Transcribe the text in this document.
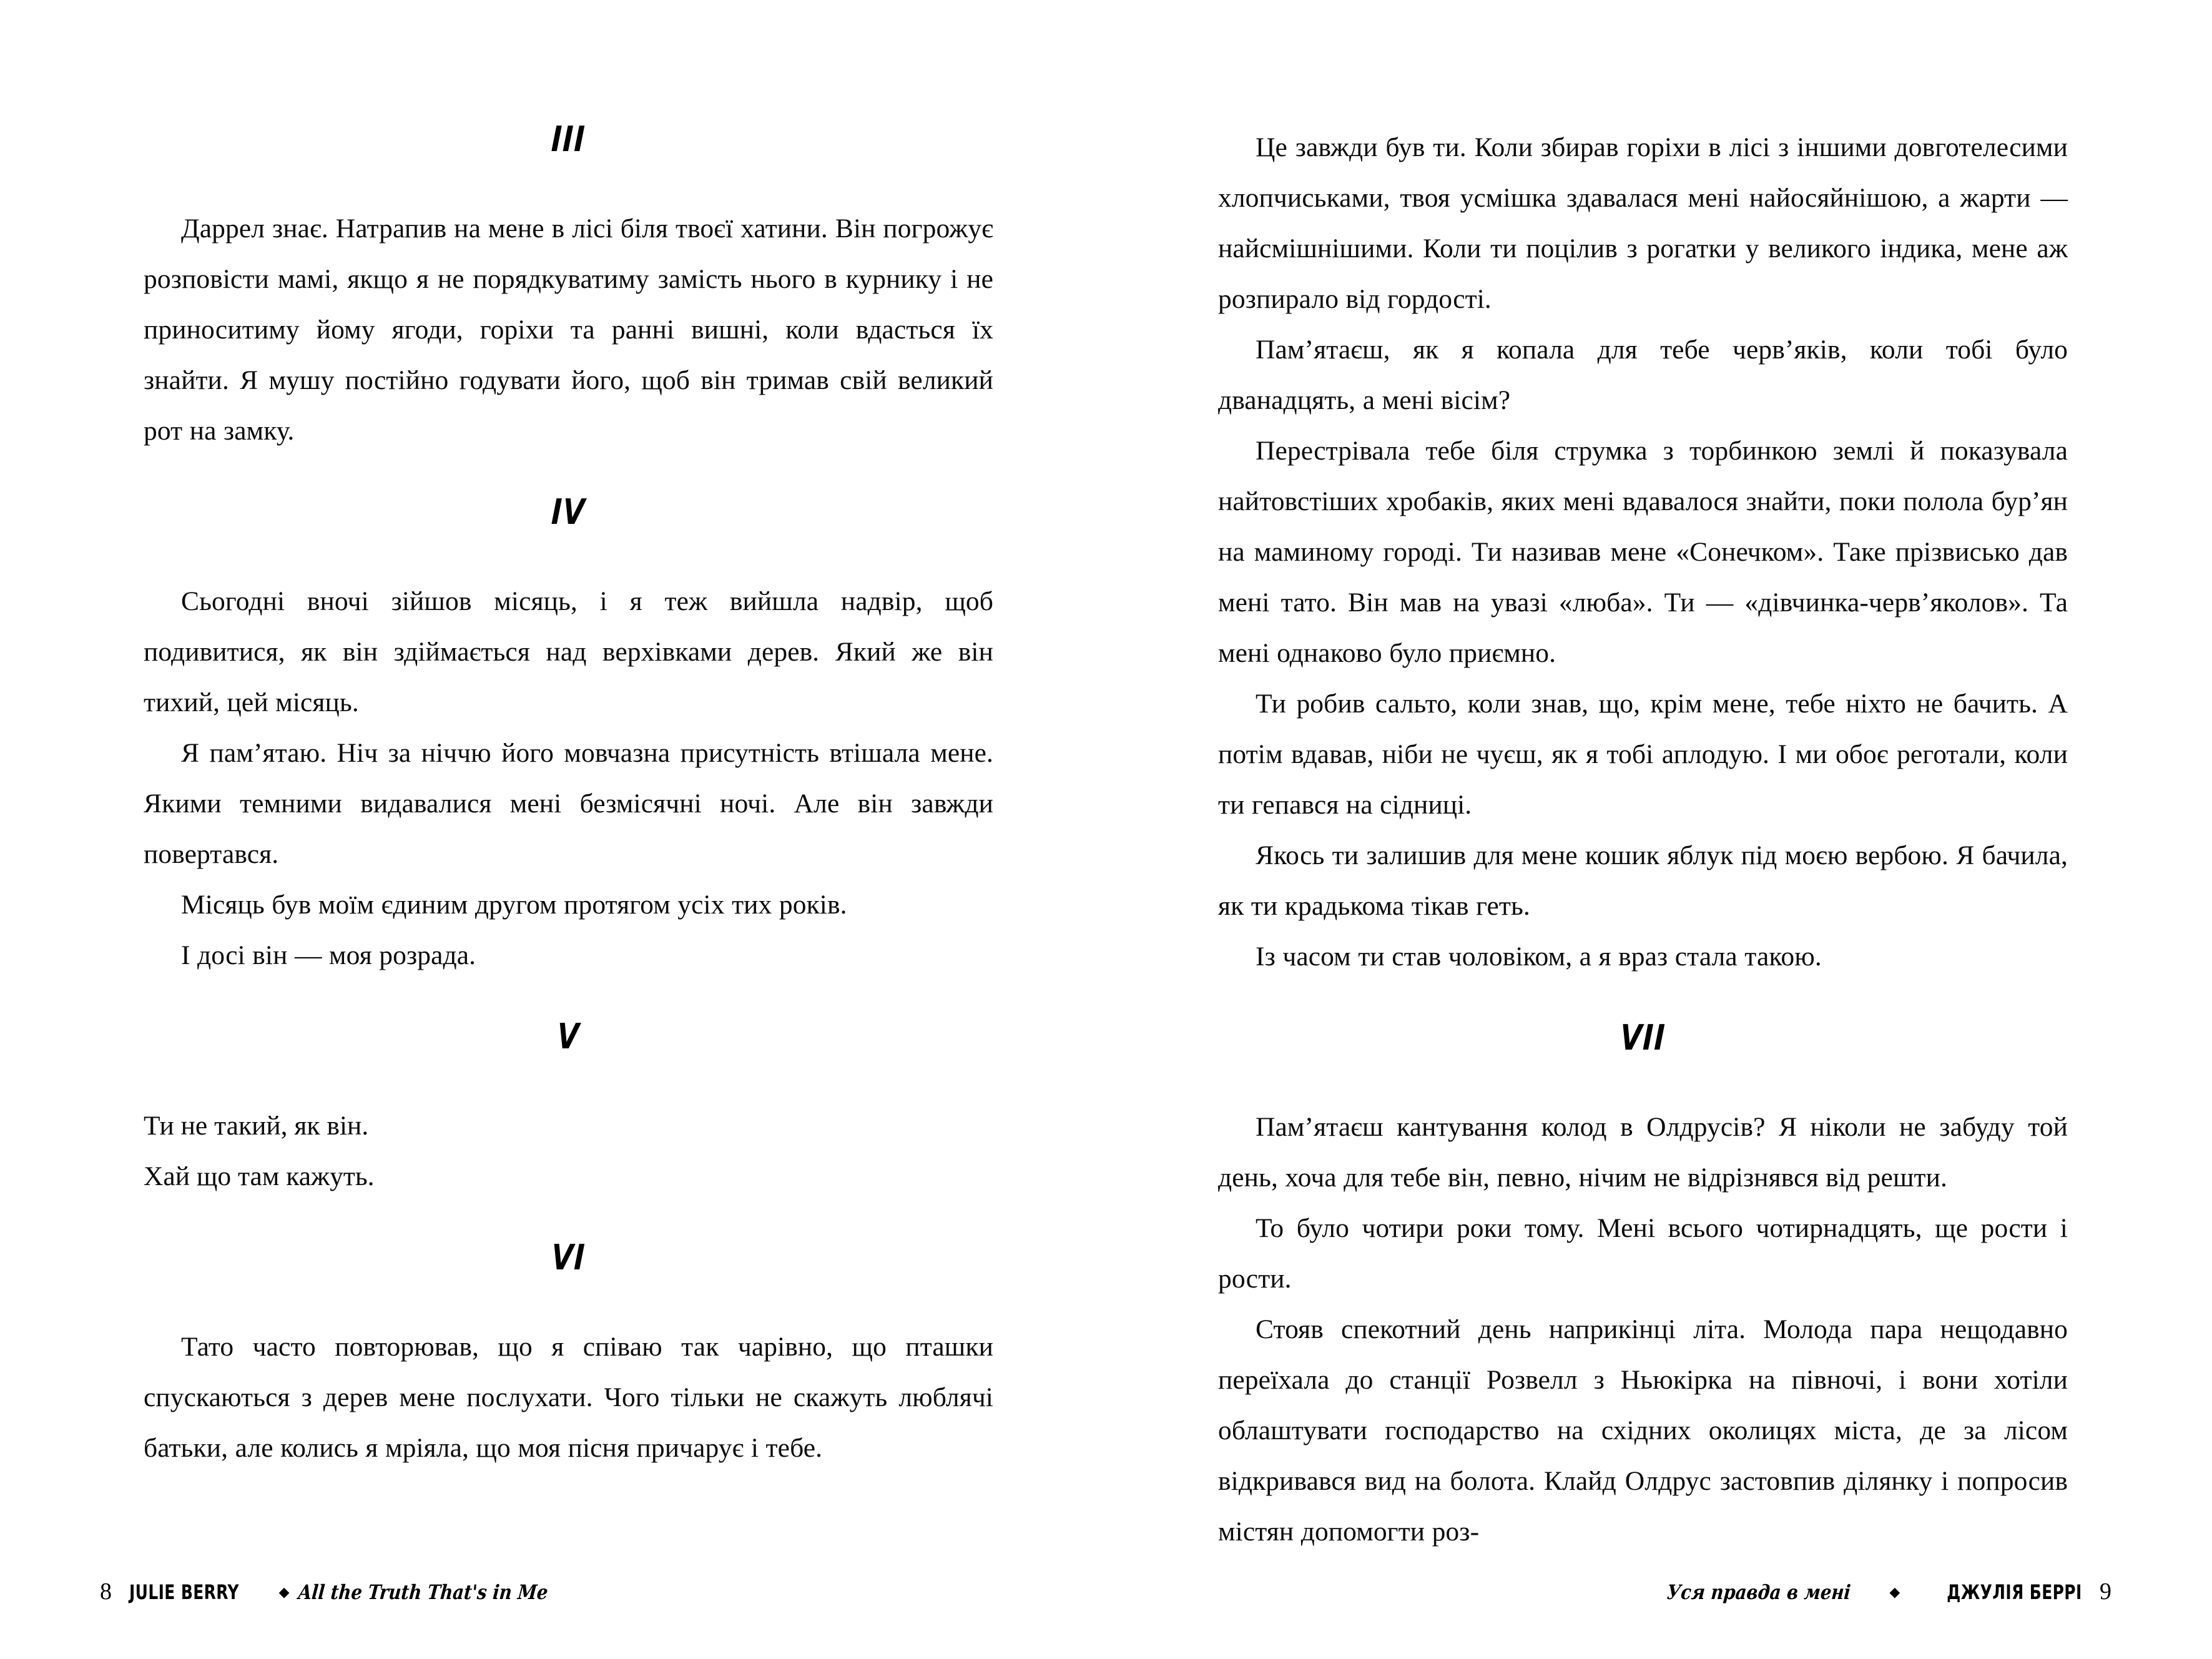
III

Даррел знає. Натрапив на мене в лісі біля твоєї хатини. Він погрожує розповісти мамі, якщо я не порядкуватиму замість нього в курнику і не приноситиму йому ягоди, горіхи та ранні вишні, коли вдасться їх знайти. Я мушу постійно годувати його, щоб він тримав свій великий рот на замку.

IV

Сьогодні вночі зійшов місяць, і я теж вийшла надвір, щоб подивитися, як він здіймається над верхівками дерев. Який же він тихий, цей місяць.

Я пам’ятаю. Ніч за ніччю його мовчазна присутність втішала мене. Якими темними видавалися мені безмісячні ночі. Але він завжди повертався.

Місяць був моїм єдиним другом протягом усіх тих років.

І досі він — моя розрада.

V

Ти не такий, як він.

Хай що там кажуть.

VI

Тато часто повторював, що я співаю так чарівно, що пташки спускаються з дерев мене послухати. Чого тільки не скажуть люблячі батьки, але колись я мріяла, що моя пісня причарує і тебе.

8 JULIE BERRY	◆ All the Truth That's in Me

Це завжди був ти. Коли збирав горіхи в лісі з іншими довготелесими хлопчиськами, твоя усмішка здавалася мені найосяйнішою, а жарти — найсмішнішими. Коли ти поцілив з рогатки у великого індика, мене аж розпирало від гордості.

Пам’ятаєш, як я копала для тебе черв’яків, коли тобі було дванадцять, а мені вісім?

Перестрівала тебе біля струмка з торбинкою землі й показувала найтовстіших хробаків, яких мені вдавалося знайти, поки полола бур’ян на маминому городі. Ти називав мене «Сонечком». Таке прізвисько дав мені тато. Він мав на увазі «люба». Ти — «дівчинка-черв’яколов». Та мені однаково було приємно.

Ти робив сальто, коли знав, що, крім мене, тебе ніхто не бачить. А потім вдавав, ніби не чуєш, як я тобі аплодую. І ми обоє реготали, коли ти гепався на сідниці.

Якось ти залишив для мене кошик яблук під моєю вербою. Я бачила, як ти крадькома тікав геть.

Із часом ти став чоловіком, а я враз стала такою.

VII

Пам’ятаєш кантування колод в Олдрусів? Я ніколи не забуду той день, хоча для тебе він, певно, нічим не відрізнявся від решти.

То було чотири роки тому. Мені всього чотирнадцять, ще рости і рости.

Стояв спекотний день наприкінці літа. Молода пара нещодавно переїхала до станції Розвелл з Ньюкірка на півночі, і вони хотіли облаштувати господарство на східних околицях міста, де за лісом відкривався вид на болота. Клайд Олдрус застовпив ділянку і попросив містян допомогти роз-

Уся правда в мені	◆	ДЖУЛІЯ БЕРРІ 9
